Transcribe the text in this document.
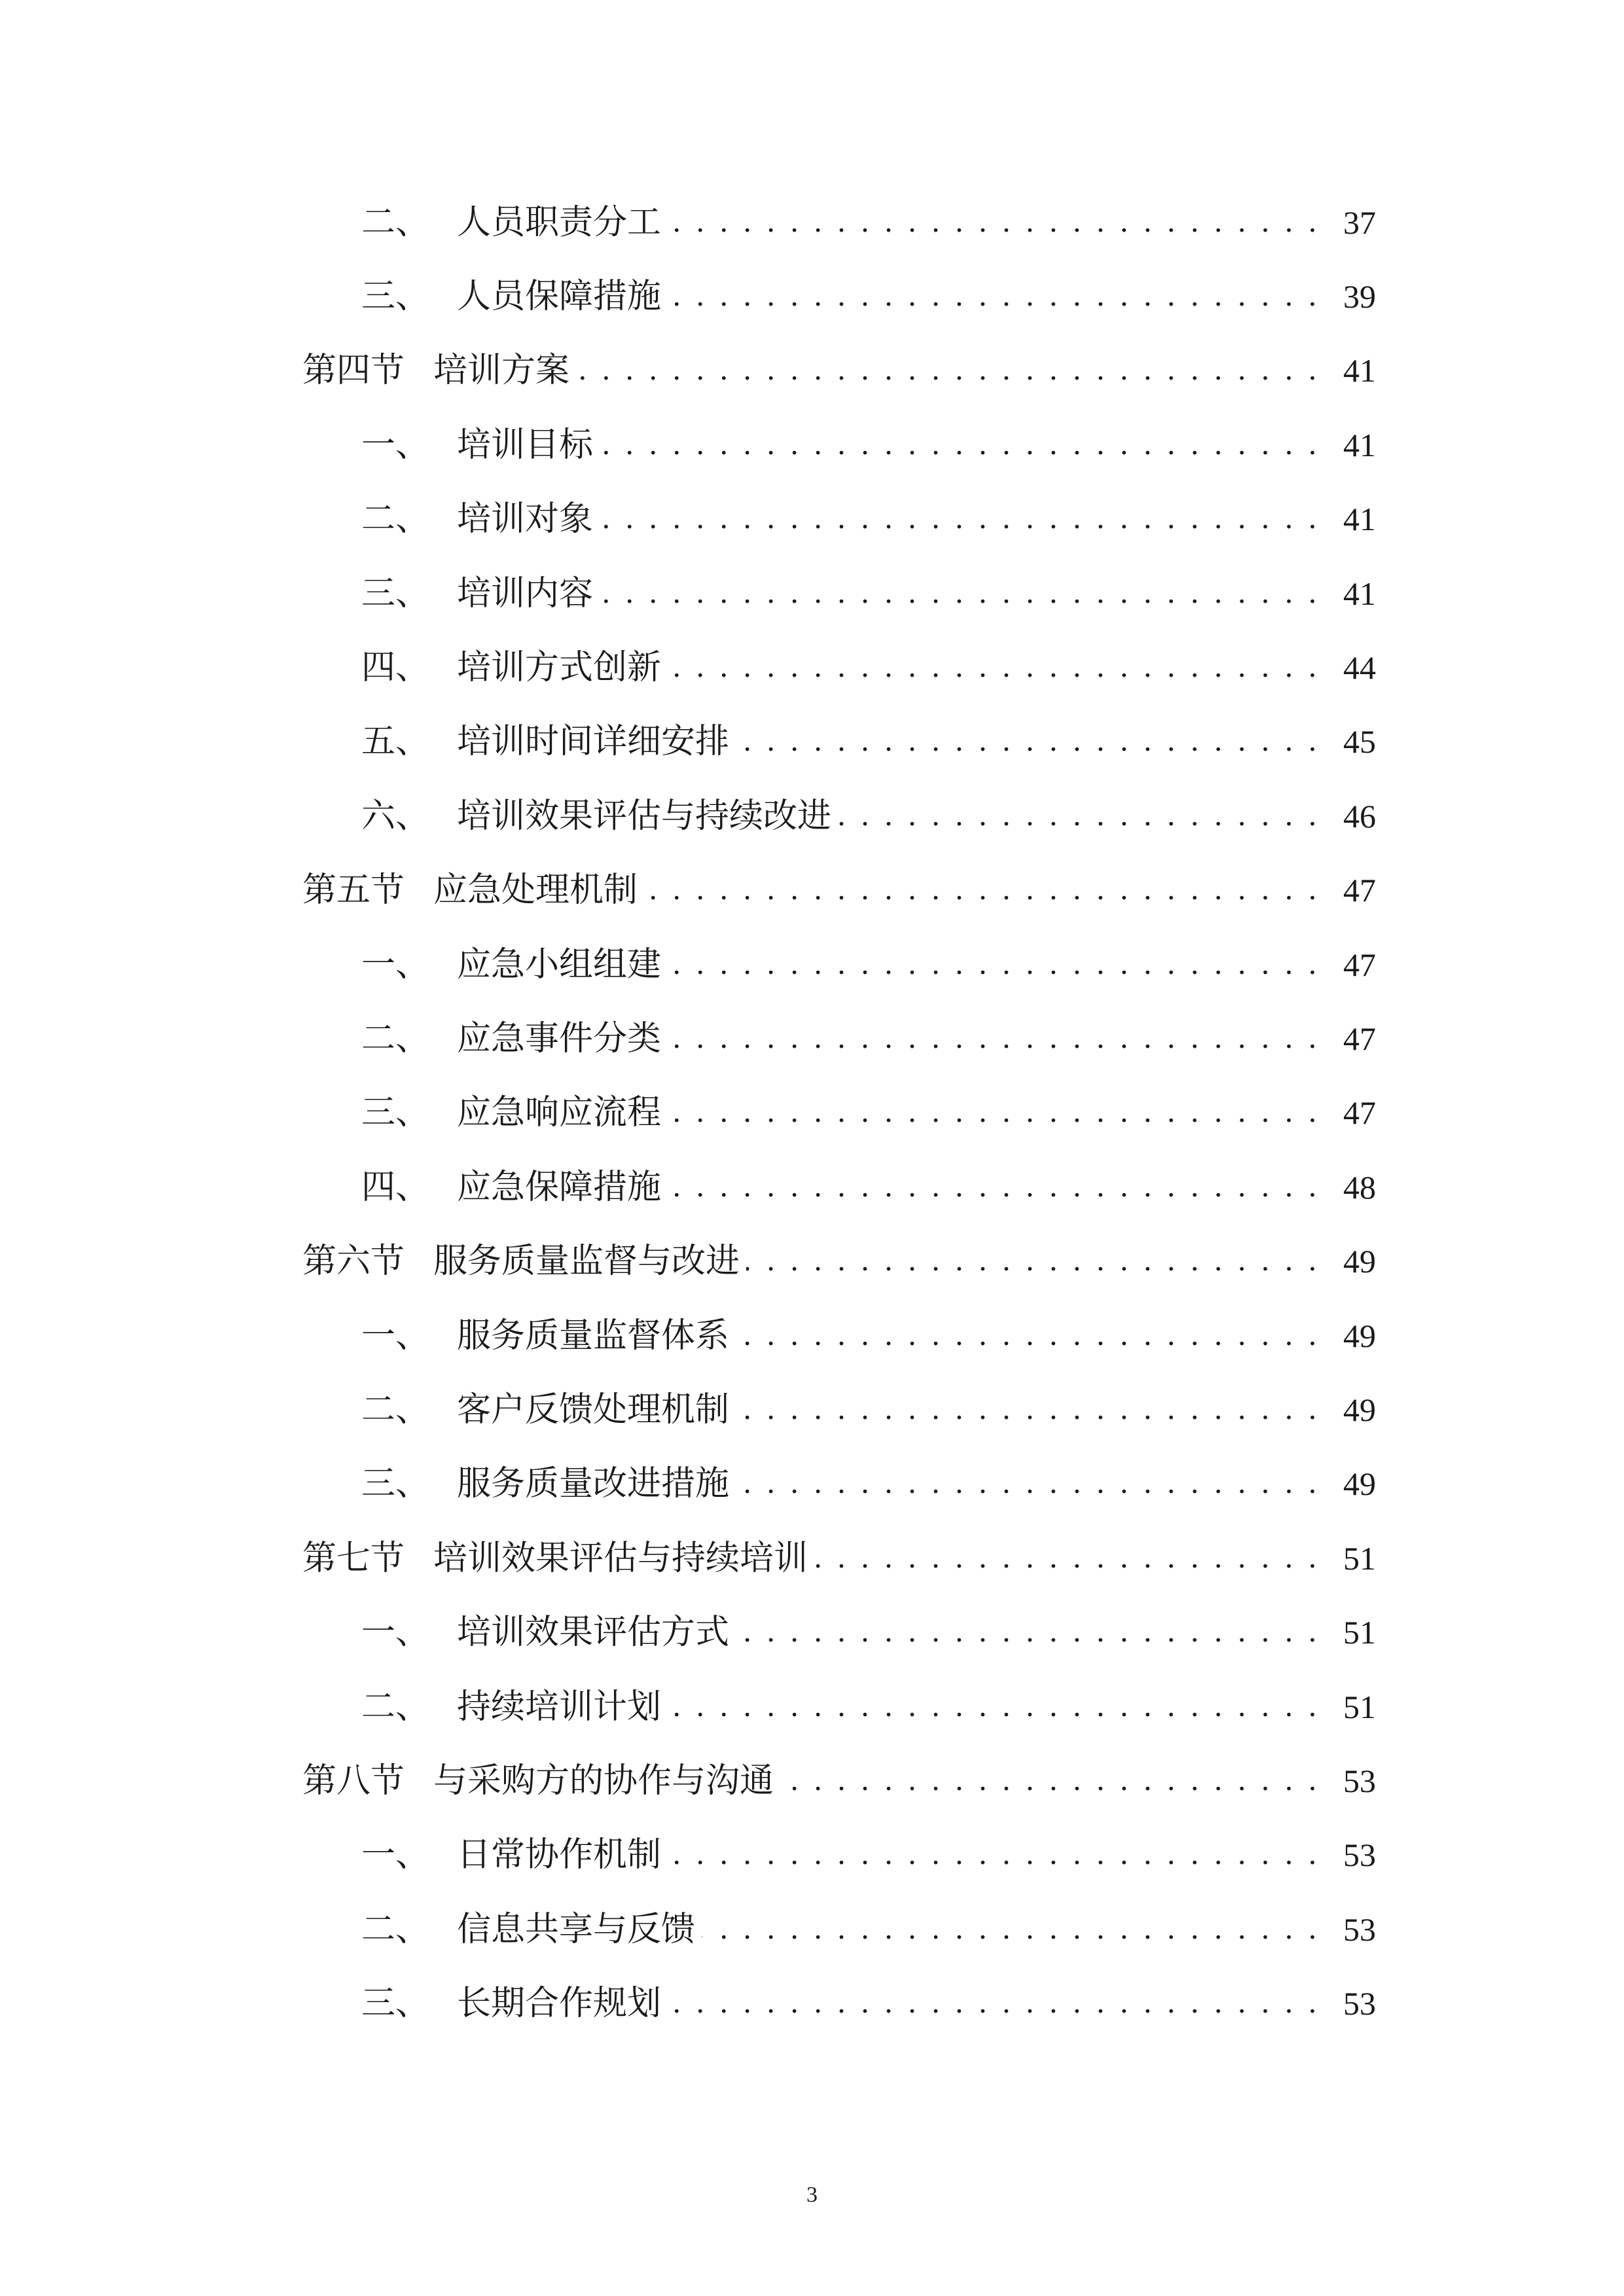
二、 人员职责分工 . . .	37
三、 人员保障措施 . . .	39
第四节 培训方案 . . .	41
一、 培训目标 . . .	41
二、 培训对象 . . .	41
三、 培训内容 . . .	41
四、 培训方式创新 . . .	44
五、 培训时间详细安排 . . .	45
六、 培训效果评估与持续改进 . . .	46
第五节 应急处理机制 . . .	47
一、 应急小组组建 . . .	47
二、 应急事件分类 . . .	47
三、 应急响应流程 . . .	47
四、 应急保障措施 . . .	48
第六节 服务质量监督与改进 . . .	49
一、 服务质量监督体系 . . .	49
二、 客户反馈处理机制 . . .	49
三、 服务质量改进措施 . . .	49
第七节 培训效果评估与持续培训 . . .	51
一、 培训效果评估方式 . . .	51
二、 持续培训计划 . . .	51
第八节 与采购方的协作与沟通 . . .	53
一、 日常协作机制 . . .	53
二、 信息共享与反馈 . . .	53
三、 长期合作规划 . . .	53
3
